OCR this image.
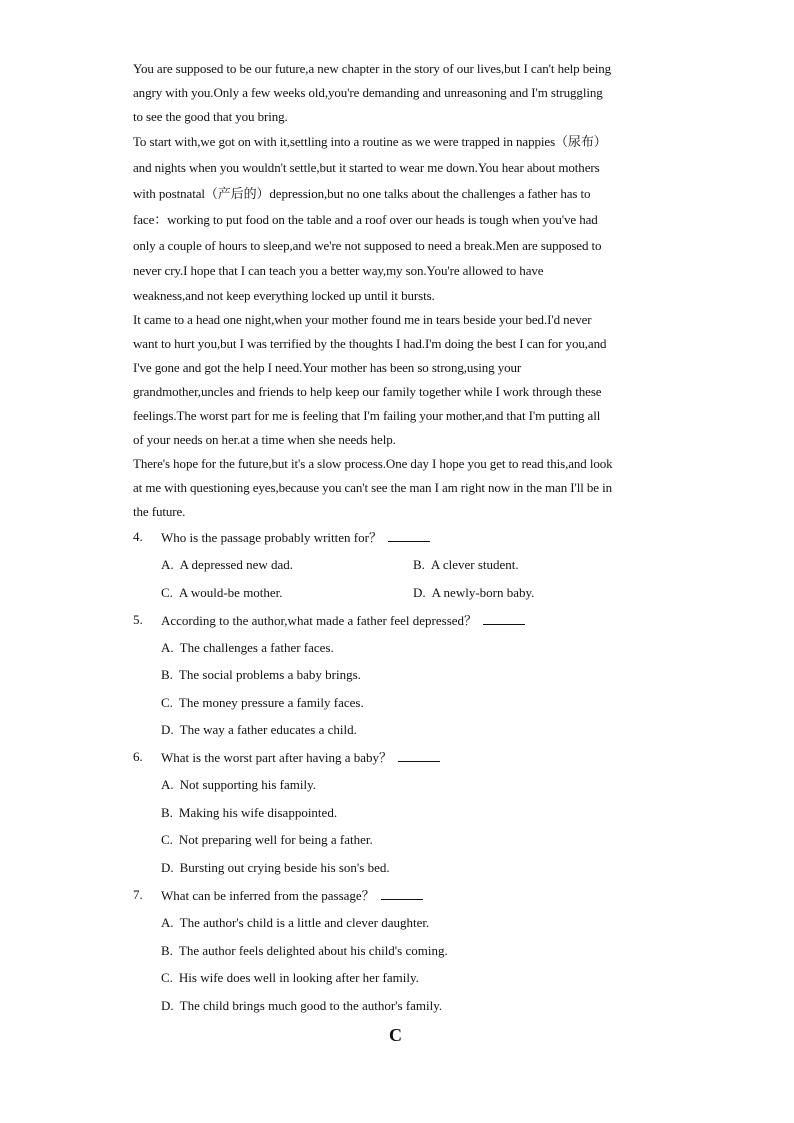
You are supposed to be our future,a new chapter in the story of our lives,but I can't help being
angry with you.Only a few weeks old,you're demanding and unreasoning and I'm struggling
to see the good that you bring.
To start with,we got on with it,settling into a routine as we were trapped in nappies（尿布）
and nights when you wouldn't settle,but it started to wear me down.You hear about mothers
with postnatal（产后的）depression,but no one talks about the challenges a father has to
face：working to put food on the table and a roof over our heads is tough when you've had
only a couple of hours to sleep,and we're not supposed to need a break.Men are supposed to
never cry.I hope that I can teach you a better way,my son.You're allowed to have
weakness,and not keep everything locked up until it bursts.
It came to a head one night,when your mother found me in tears beside your bed.I'd never
want to hurt you,but I was terrified by the thoughts I had.I'm doing the best I can for you,and
I've gone and got the help I need.Your mother has been so strong,using your
grandmother,uncles and friends to help keep our family together while I work through these
feelings.The worst part for me is feeling that I'm failing your mother,and that I'm putting all
of your needs on her.at a time when she needs help.
There's hope for the future,but it's a slow process.One day I hope you get to read this,and look
at me with questioning eyes,because you can't see the man I am right now in the man I'll be in
the future.
4. Who is the passage probably written for？
A. A depressed new dad.	B. A clever student.
C. A would-be mother.	D. A newly-born baby.
5. According to the author,what made a father feel depressed？
A. The challenges a father faces.
B. The social problems a baby brings.
C. The money pressure a family faces.
D. The way a father educates a child.
6. What is the worst part after having a baby？
A. Not supporting his family.
B. Making his wife disappointed.
C. Not preparing well for being a father.
D. Bursting out crying beside his son's bed.
7. What can be inferred from the passage？
A. The author's child is a little and clever daughter.
B. The author feels delighted about his child's coming.
C. His wife does well in looking after her family.
D. The child brings much good to the author's family.
C
